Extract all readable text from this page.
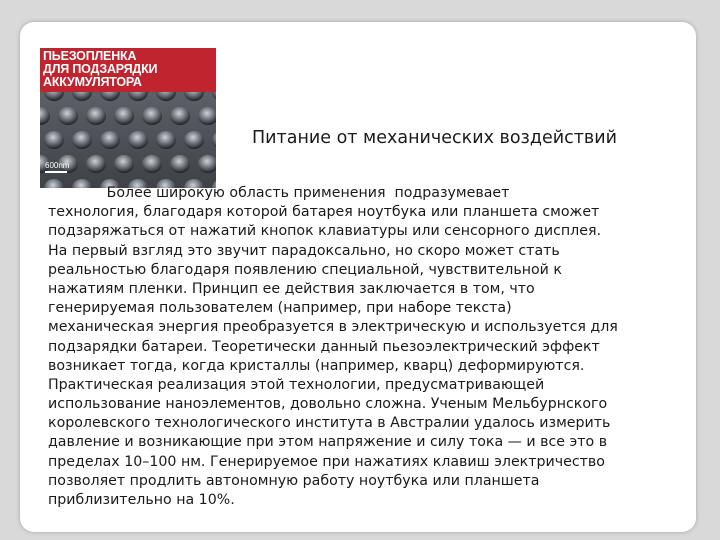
ПЬЕЗОПЛЕНКА
ДЛЯ ПОДЗАРЯДКИ
АККУМУЛЯТОРА
600nm
Питание от механических воздействий

Более широкую область применения  подразумевает
технология, благодаря которой батарея ноутбука или планшета сможет
подзаряжаться от нажатий кнопок клавиатуры или сенсорного дисплея.
На первый взгляд это звучит парадоксально, но скоро может стать
реальностью благодаря появлению специальной, чувствительной к
нажатиям пленки. Принцип ее действия заключается в том, что
генерируемая пользователем (например, при наборе текста)
механическая энергия преобразуется в электрическую и используется для
подзарядки батареи. Теоретически данный пьезоэлектрический эффект
возникает тогда, когда кристаллы (например, кварц) деформируются.
Практическая реализация этой технологии, предусматривающей
использование наноэлементов, довольно сложна. Ученым Мельбурнского
королевского технологического института в Австралии удалось измерить
давление и возникающие при этом напряжение и силу тока — и все это в
пределах 10–100 нм. Генерируемое при нажатиях клавиш электричество
позволяет продлить автономную работу ноутбука или планшета
приблизительно на 10%.
